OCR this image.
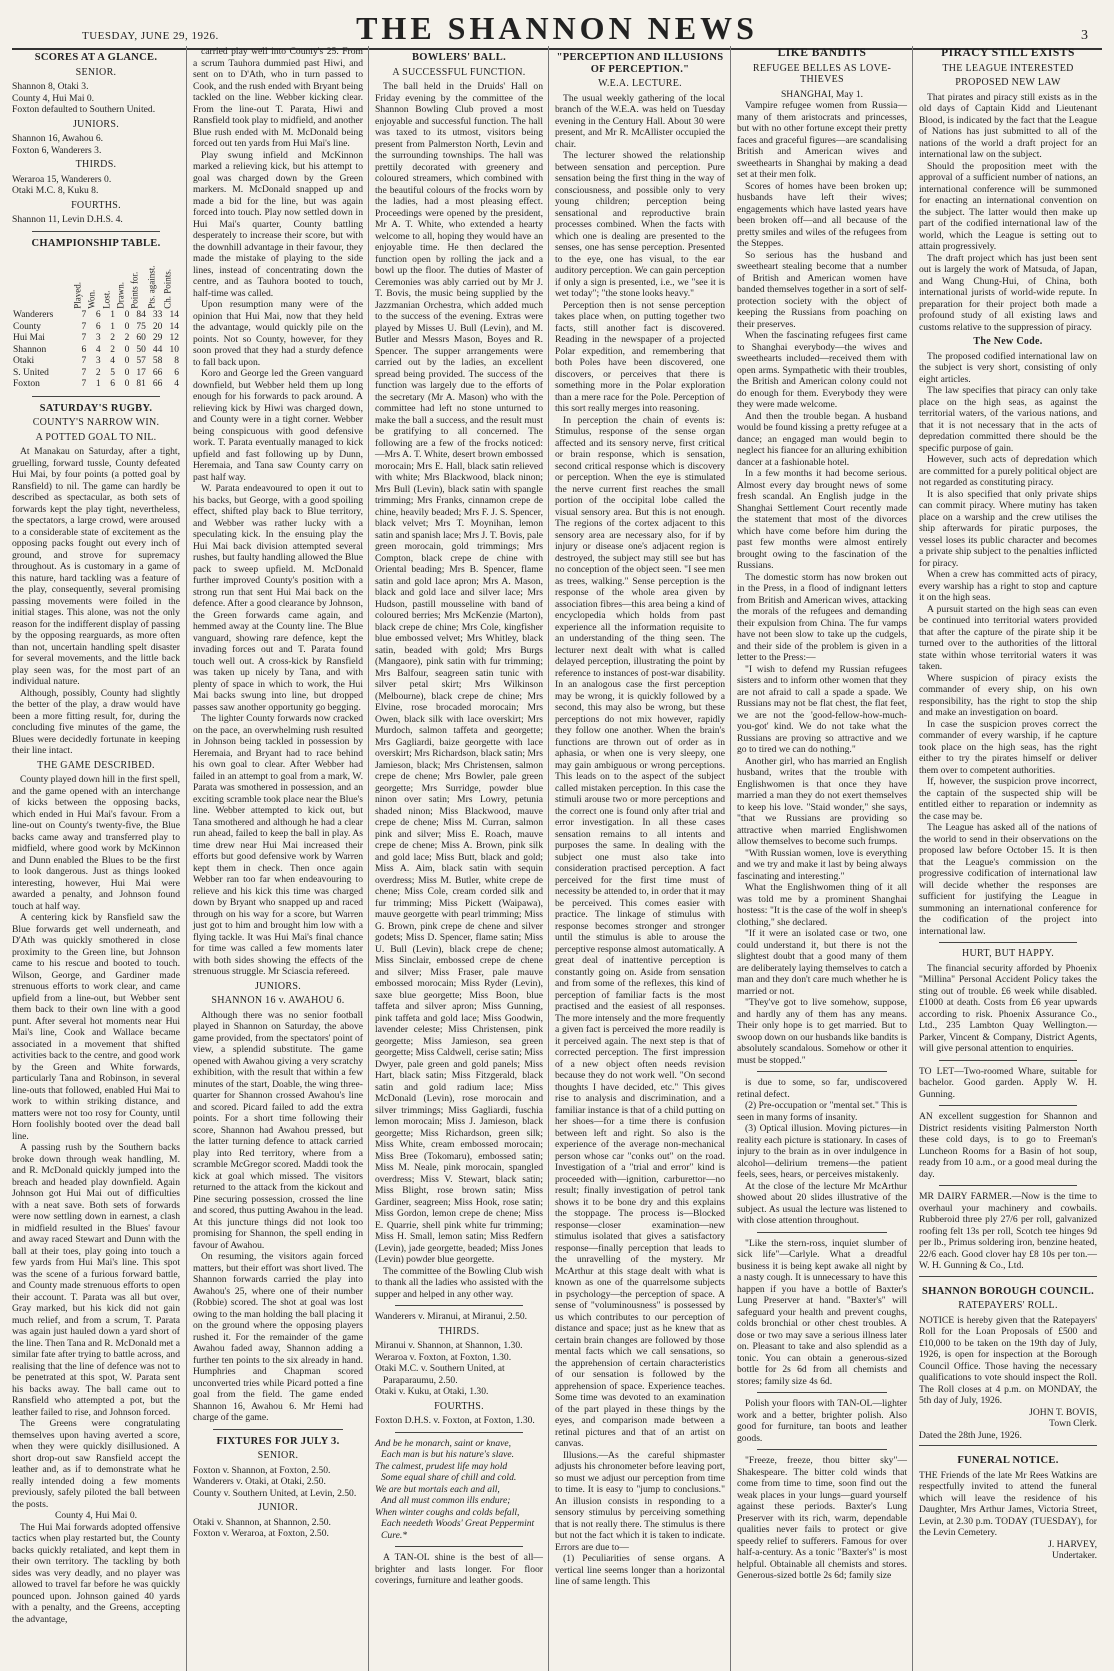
TUESDAY, JUNE 29, 1926.	THE SHANNON NEWS	3
SCORES AT A GLANCE.
SENIOR.
Shannon 8, Otaki 3.
County 4, Hui Mai 0.
Foxton defaulted to Southern United.
JUNIORS.
Shannon 16, Awahou 6.
Foxton 6, Wanderers 3.
THIRDS.
Weraroa 15, Wanderers 0.
Otaki M.C. 8, Kuku 8.
FOURTHS.
Shannon 11, Levin D.H.S. 4.
CHAMPIONSHIP TABLE.
	Played.	Won.	Lost.	Drawn.	Points for.	Pts. against.	Ch. Points.
Wanderers	7	6	1	0	84	33	14
County	7	6	1	0	75	20	14
Hui Mai	7	3	2	2	60	29	12
Shannon	6	4	2	0	50	44	10
Otaki	7	3	4	0	57	58	8
S. United	7	2	5	0	17	66	6
Foxton	7	1	6	0	81	66	4
SATURDAY'S RUGBY.
COUNTY'S NARROW WIN.
A POTTED GOAL TO NIL.

At Manakau on Saturday, after a tight, gruelling, forward tussle, County defeated Hui Mai, by four points (a potted goal by Ransfield) to nil. The game can hardly be described as spectacular, as both sets of forwards kept the play tight, nevertheless, the spectators, a large crowd, were aroused to a considerable state of excitement as the opposing packs fought out every inch of ground, and strove for supremacy throughout. As is customary in a game of this nature, hard tackling was a feature of the play, consequently, several promising passing movements were foiled in the initial stages. This alone, was not the only reason for the indifferent display of passing by the opposing rearguards, as more often than not, uncertain handling spelt disaster for several movements, and the little back play seen was, for the most part of an individual nature.

Although, possibly, County had slightly the better of the play, a draw would have been a more fitting result, for, during the concluding five minutes of the game, the Blues were decidedly fortunate in keeping their line intact.

THE GAME DESCRIBED.

County played down hill in the first spell, and the game opened with an interchange of kicks between the opposing backs, which ended in Hui Mai's favour. From a line-out on County's twenty-five, the Blue backs came away and transferred play to midfield, where good work by McKinnon and Dunn enabled the Blues to be the first to look dangerous. Just as things looked interesting, however, Hui Mai were awarded a penalty, and Johnson found touch at half way.

A centering kick by Ransfield saw the Blue forwards get well underneath, and D'Ath was quickly smothered in close proximity to the Green line, but Johnson came to his rescue and booted to touch. Wilson, George, and Gardiner made strenuous efforts to work clear, and came upfield from a line-out, but Webber sent them back to their own line with a good punt. After several hot moments near Hui Mai's line, Cook and Wallace became associated in a movement that shifted activities back to the centre, and good work by the Green and White forwards, particularly Tana and Robinson, in several line-outs that followed, enabled Hui Mai to work to within striking distance, and matters were not too rosy for County, until Horn foolishly booted over the dead ball line.

A passing rush by the Southern backs broke down through weak handling, M. and R. McDonald quickly jumped into the breach and headed play downfield. Again Johnson got Hui Mai out of difficulties with a neat save. Both sets of forwards were now settling down in earnest, a clash in midfield resulted in the Blues' favour and away raced Stewart and Dunn with the ball at their toes, play going into touch a few yards from Hui Mai's line. This spot was the scene of a furious forward battle, and County made strenuous efforts to open their account. T. Parata was all but over, Gray marked, but his kick did not gain much relief, and from a scrum, T. Parata was again just hauled down a yard short of the line. Then Tana and R. McDonald met a similar fate after trying to battle across, and realising that the line of defence was not to be penetrated at this spot, W. Parata sent his backs away. The ball came out to Ransfield who attempted a pot, but the leather failed to rise, and Johnson forced.

The Greens were congratulating themselves upon having averted a score, when they were quickly disillusioned. A short drop-out saw Ransfield accept the leather and, as if to demonstrate what he really intended doing a few moments previously, safely piloted the ball between the posts.

County 4, Hui Mai 0.

The Hui Mai forwards adopted offensive tactics when play restarted but, the County backs quickly retaliated, and kept them in their own territory. The tackling by both sides was very deadly, and no player was allowed to travel far before he was quickly pounced upon. Johnson gained 40 yards with a penalty, and the Greens, accepting the advantage,

carried play well into County's 25. From a scrum Tauhora dummied past Hiwi, and sent on to D'Ath, who in turn passed to Cook, and the rush ended with Bryant being tackled on the line. Webber kicking clear. From the line-out T. Parata, Hiwi and Ransfield took play to midfield, and another Blue rush ended with M. McDonald being forced out ten yards from Hui Mai's line.

Play swung infield and McKinnon marked a relieving kick, but his attempt to goal was charged down by the Green markers. M. McDonald snapped up and made a bid for the line, but was again forced into touch. Play now settled down in Hui Mai's quarter, County battling desperately to increase their score, but with the downhill advantage in their favour, they made the mistake of playing to the side lines, instead of concentrating down the centre, and as Tauhora booted to touch, half-time was called.

Upon resumption many were of the opinion that Hui Mai, now that they held the advantage, would quickly pile on the points. Not so County, however, for they soon proved that they had a sturdy defence to fall back upon.

Koro and George led the Green vanguard downfield, but Webber held them up long enough for his forwards to pack around. A relieving kick by Hiwi was charged down, and County were in a tight corner. Webber being conspicuous with good defensive work. T. Parata eventually managed to kick upfield and fast following up by Dunn, Heremaia, and Tana saw County carry on past half way.

W. Parata endeavoured to open it out to his backs, but George, with a good spoiling effect, shifted play back to Blue territory, and Webber was rather lucky with a speculating kick. In the ensuing play the Hui Mai back division attempted several rushes, but faulty handling allowed the Blue pack to sweep upfield. M. McDonald further improved County's position with a strong run that sent Hui Mai back on the defence. After a good clearance by Johnson, the Green forwards came again, and hemmed away at the County line. The Blue vanguard, showing rare defence, kept the invading forces out and T. Parata found touch well out. A cross-kick by Ransfield was taken up nicely by Tana, and with plenty of space in which to work, the Hui Mai backs swung into line, but dropped passes saw another opportunity go begging.

The lighter County forwards now cracked on the pace, an overwhelming rush resulted in Johnson being tackled in possession by Heremaia, and Bryant had to race behind his own goal to clear. After Webber had failed in an attempt to goal from a mark, W. Parata was smothered in possession, and an exciting scramble took place near the Blue's line. Webber attempted to kick out, but Tana smothered and although he had a clear run ahead, failed to keep the ball in play. As time drew near Hui Mai increased their efforts but good defensive work by Warren kept them in check. Then once again Webber ran too far when endeavouring to relieve and his kick this time was charged down by Bryant who snapped up and raced through on his way for a score, but Warren just got to him and brought him low with a flying tackle. It was Hui Mai's final chance for time was called a few moments later with both sides showing the effects of the strenuous struggle. Mr Sciascia refereed.

JUNIORS.
SHANNON 16 v. AWAHOU 6.

Although there was no senior football played in Shannon on Saturday, the above game provided, from the spectators' point of view, a splendid substitute. The game opened with Awahou giving a very scratchy exhibition, with the result that within a few minutes of the start, Doable, the wing three-quarter for Shannon crossed Awahou's line and scored. Picard failed to add the extra points. For a short time following their score, Shannon had Awahou pressed, but the latter turning defence to attack carried play into Red territory, where from a scramble McGregor scored. Maddi took the kick at goal which missed. The visitors returned to the attack from the kickout and Pine securing possession, crossed the line and scored, thus putting Awahou in the lead. At this juncture things did not look too promising for Shannon, the spell ending in favour of Awahou.

On resuming, the visitors again forced matters, but their effort was short lived. The Shannon forwards carried the play into Awahou's 25, where one of their number (Robbie) scored. The shot at goal was lost owing to the man holding the ball placing it on the ground where the opposing players rushed it. For the remainder of the game Awahou faded away, Shannon adding a further ten points to the six already in hand. Humphries and Chapman scored unconverted tries while Picard potted a fine goal from the field. The game ended Shannon 16, Awahou 6. Mr Hemi had charge of the game.

FIXTURES FOR JULY 3.
SENIOR.
Foxton v. Shannon, at Foxton, 2.50.
Wanderers v. Otaki, at Otaki, 2.50.
County v. Southern United, at Levin, 2.50.
JUNIOR.
Otaki v. Shannon, at Shannon, 2.50.
Foxton v. Weraroa, at Foxton, 2.50.
BOWLERS' BALL.
A SUCCESSFUL FUNCTION.

The ball held in the Druids' Hall on Friday evening by the committee of the Shannon Bowling Club proved a most enjoyable and successful function. The hall was taxed to its utmost, visitors being present from Palmerston North, Levin and the surrounding townships. The hall was prettily decorated with greenery and coloured streamers, which combined with the beautiful colours of the frocks worn by the ladies, had a most pleasing effect. Proceedings were opened by the president, Mr A. T. White, who extended a hearty welcome to all, hoping they would have an enjoyable time. He then declared the function open by rolling the jack and a bowl up the floor. The duties of Master of Ceremonies was ably carried out by Mr J. T. Bovis, the music being supplied by the Jazzmanian Orchestra, which added much to the success of the evening. Extras were played by Misses U. Bull (Levin), and M. Butler and Messrs Mason, Boyes and R. Spencer. The supper arrangements were carried out by the ladies, an excellent spread being provided. The success of the function was largely due to the efforts of the secretary (Mr A. Mason) who with the committee had left no stone unturned to make the ball a success, and the result must be gratifying to all concerned. The following are a few of the frocks noticed:—Mrs A. T. White, desert brown embossed morocain; Mrs E. Hall, black satin relieved with white; Mrs Blackwood, black ninon; Mrs Bull (Levin), black satin with spangle trimming; Mrs Franks, cinnamon crepe de chine, heavily beaded; Mrs F. J. S. Spencer, black velvet; Mrs T. Moynihan, lemon satin and spanish lace; Mrs J. T. Bovis, pale green morocain, gold trimmings; Mrs Compton, black crepe de chine with Oriental beading; Mrs B. Spencer, flame satin and gold lace apron; Mrs A. Mason, black and gold lace and silver lace; Mrs Hudson, pastill mousseline with band of coloured berries; Mrs McKenzie (Marton), black crepe de chine; Mrs Cole, kingfisher blue embossed velvet; Mrs Whitley, black satin, beaded with gold; Mrs Burgs (Mangaore), pink satin with fur trimming; Mrs Balfour, seagreen satin tunic with silver petal skirt; Mrs Wilkinson (Melbourne), black crepe de chine; Mrs Elvine, rose brocaded morocain; Mrs Owen, black silk with lace overskirt; Mrs Murdoch, salmon taffeta and georgette; Mrs Gagliardi, baize georgette with lace overskirt; Mrs Richardson, black satin; Mrs Jamieson, black; Mrs Christensen, salmon crepe de chene; Mrs Bowler, pale green georgette; Mrs Surridge, powder blue ninon over satin; Mrs Lowry, petunia shaded ninon; Miss Blackwood, mauve crepe de chene; Miss M. Curran, salmon pink and silver; Miss E. Roach, mauve crepe de chene; Miss A. Brown, pink silk and gold lace; Miss Butt, black and gold; Miss A. Aim, black satin with sequin overdress; Miss M. Butler, white crepe de chene; Miss Cole, cream corded silk and fur trimming; Miss Pickett (Waipawa), mauve georgette with pearl trimming; Miss G. Brown, pink crepe de chene and silver godets; Miss D. Spencer, flame satin; Miss U. Bull (Levin), black crepe de chene; Miss Sinclair, embossed crepe de chene and silver; Miss Fraser, pale mauve embossed morocain; Miss Ryder (Levin), saxe blue georgette; Miss Boon, blue taffeta and silver apron; Miss Gunning, pink taffeta and gold lace; Miss Goodwin, lavender celeste; Miss Christensen, pink georgette; Miss Jamieson, sea green georgette; Miss Caldwell, cerise satin; Miss Dwyer, pale green and gold panels; Miss Hart, black satin; Miss Fitzgerald, black satin and gold radium lace; Miss McDonald (Levin), rose morocain and silver trimmings; Miss Gagliardi, fuschia lemon morocain; Miss J. Jamieson, black georgette; Miss Richardson, green silk; Miss White, cream embossed morocain; Miss Bree (Tokomaru), embossed satin; Miss M. Neale, pink morocain, spangled overdress; Miss V. Stewart, black satin; Miss Blight, rose brown satin; Miss Gardiner, seagreen; Miss Hook, rose satin; Miss Gordon, lemon crepe de chene; Miss E. Quarrie, shell pink white fur trimming; Miss H. Small, lemon satin; Miss Redfern (Levin), jade georgette, beaded; Miss Jones (Levin) powder blue georgette.

The committee of the Bowling Club wish to thank all the ladies who assisted with the supper and helped in any other way.

Wanderers v. Miranui, at Miranui, 2.50.
THIRDS.
Miranui v. Shannon, at Shannon, 1.30.
Weraroa v. Foxton, at Foxton, 1.30.
Otaki M.C. v. Southern United, at Paraparaumu, 2.50.
Otaki v. Kuku, at Otaki, 1.30.
FOURTHS.
Foxton D.H.S. v. Foxton, at Foxton, 1.30.
And be he monarch, saint or knave,
Each man is but his nature's slave.
The calmest, prudest life may hold
Some equal share of chill and cold.
We are but mortals each and all,
And all must common ills endure;
When winter coughs and colds befall,
Each needeth Woods' Great Peppermint Cure.*

A TAN-OL shine is the best of all—brighter and lasts longer. For floor coverings, furniture and leather goods.

"PERCEPTION AND ILLUSIONS OF PERCEPTION."
W.E.A. LECTURE.

The usual weekly gathering of the local branch of the W.E.A. was held on Tuesday evening in the Century Hall. About 30 were present, and Mr R. McAllister occupied the chair.

The lecturer showed the relationship between sensation and perception. Pure sensation being the first thing in the way of consciousness, and possible only to very young children; perception being sensational and reproductive brain processes combined. When the facts with which one is dealing are presented to the senses, one has sense perception. Presented to the eye, one has visual, to the ear auditory perception. We can gain perception if only a sign is presented, i.e., we "see it is wet today"; "the stone looks heavy."

Perception then is not sense perception takes place when, on putting together two facts, still another fact is discovered. Reading in the newspaper of a projected Polar expedition, and remembering that both Poles have been discovered, one discovers, or perceives that there is something more in the Polar exploration than a mere race for the Pole. Perception of this sort really merges into reasoning.

In perception the chain of events is: Stimulus, response of the sense organ affected and its sensory nerve, first critical or brain response, which is sensation, second critical response which is discovery or perception. When the eye is stimulated the nerve current first reaches the small portion of the occipital lobe called the visual sensory area. But this is not enough. The regions of the cortex adjacent to this sensory area are necessary also, for if by injury or disease one's adjacent region is destroyed, the subject may still see but has no conception of the object seen. "I see men as trees, walking." Sense perception is the response of the whole area given by association fibres—this area being a kind of encyclopedia which holds from past experience all the information requisite to an understanding of the thing seen. The lecturer next dealt with what is called delayed perception, illustrating the point by reference to instances of post-war disability. In an analogous case the first perception may be wrong, it is quickly followed by a second, this may also be wrong, but these perceptions do not mix however, rapidly they follow one another. When the brain's functions are thrown out of order as in aphasia, or when one is very sleepy, one may gain ambiguous or wrong perceptions. This leads on to the aspect of the subject called mistaken perception. In this case the stimuli arouse two or more perceptions and the correct one is found only after trial and error investigation. In all these cases sensation remains to all intents and purposes the same. In dealing with the subject one must also take into consideration practised perception. A fact perceived for the first time must of necessity be attended to, in order that it may be perceived. This comes easier with practice. The linkage of stimulus with response becomes stronger and stronger until the stimulus is able to arouse the perceptive response almost automatically. A great deal of inattentive perception is constantly going on. Aside from sensation and from some of the reflexes, this kind of perception of familiar facts is the most practised and the easiest of all responses. The more intensely and the more frequently a given fact is perceived the more readily is it perceived again. The next step is that of corrected perception. The first impression of a new object often needs revision because they do not work well. "On second thoughts I have decided, etc." This gives rise to analysis and discrimination, and a familiar instance is that of a child putting on her shoes—for a time there is confusion between left and right. So also is the experience of the average non-mechanical person whose car "conks out" on the road. Investigation of a "trial and error" kind is proceeded with—ignition, carburettor—no result; finally investigation of petrol tank shows it to be bone dry and this explains the stoppage. The process is—Blocked response—closer examination—new stimulus isolated that gives a satisfactory response—finally perception that leads to the unravelling of the mystery. Mr McArthur at this stage dealt with what is known as one of the quarrelsome subjects in psychology—the perception of space. A sense of "voluminousness" is possessed by us which contributes to our perception of distance and space; just as he knew that as certain brain changes are followed by those mental facts which we call sensations, so the apprehension of certain characteristics of our sensation is followed by the apprehension of space. Experience teaches. Some time was devoted to an examination of the part played in these things by the eyes, and comparison made between a retinal pictures and that of an artist on canvas.

Illusions.—As the careful shipmaster adjusts his chronometer before leaving port, so must we adjust our perception from time to time. It is easy to "jump to conclusions." An illusion consists in responding to a sensory stimulus by perceiving something that is not really there. The stimulus is there but not the fact which it is taken to indicate. Errors are due to—

(1) Peculiarities of sense organs. A vertical line seems longer than a horizontal line of same length. This

LIKE BANDITS
REFUGEE BELLES AS LOVE-THIEVES

SHANGHAI, May 1.

Vampire refugee women from Russia—many of them aristocrats and princesses, but with no other fortune except their pretty faces and graceful figures—are scandalising British and American wives and sweethearts in Shanghai by making a dead set at their men folk.

Scores of homes have been broken up; husbands have left their wives; engagements which have lasted years have been broken off—and all because of the pretty smiles and wiles of the refugees from the Steppes.

So serious has the husband and sweetheart stealing become that a number of British and American women have banded themselves together in a sort of self-protection society with the object of keeping the Russians from poaching on their preserves.

When the fascinating refugees first came to Shanghai everybody—the wives and sweethearts included—received them with open arms. Sympathetic with their troubles, the British and American colony could not do enough for them. Everybody they were they were made welcome.

And then the trouble began. A husband would be found kissing a pretty refugee at a dance; an engaged man would begin to neglect his fiancee for an alluring exhibition dancer at a fashionable hotel.

In a few months it had become serious. Almost every day brought news of some fresh scandal. An English judge in the Shanghai Settlement Court recently made the statement that most of the divorces which have come before him during the past few months were almost entirely brought owing to the fascination of the Russians.

The domestic storm has now broken out in the Press, in a flood of indignant letters from British and American wives, attacking the morals of the refugees and demanding their expulsion from China. The fur vamps have not been slow to take up the cudgels, and their side of the problem is given in a letter to the Press:—

"I wish to defend my Russian refugees sisters and to inform other women that they are not afraid to call a spade a spade. We Russians may not be flat chest, the flat feet, we are not the 'good-fellow-how-much-you-got' kind. We do not take what the Russians are proving so attractive and we go to tired we can do nothing."

Another girl, who has married an English husband, writes that the trouble with Englishwomen is that once they have married a man they do not exert themselves to keep his love. "Staid wonder," she says, "that we Russians are providing so attractive when married Englishwomen allow themselves to become such frumps.

"With Russian women, love is everything and we try and make it last by being always fascinating and interesting."

What the Englishwomen thing of it all was told me by a prominent Shanghai hostess: "It is the case of the wolf in sheep's clothing," she declared.

"If it were an isolated case or two, one could understand it, but there is not the slightest doubt that a good many of them are deliberately laying themselves to catch a man and they don't care much whether he is married or not.

"They've got to live somehow, suppose, and hardly any of them has any means. Their only hope is to get married. But to swoop down on our husbands like bandits is absolutely scandalous. Somehow or other it must be stopped."

is due to some, so far, undiscovered retinal defect.

(2) Pre-occupation or "mental set." This is seen in many forms of insanity.

(3) Optical illusion. Moving pictures—in reality each picture is stationary. In cases of injury to the brain as in over indulgence in alcohol—delirium tremens—the patient feels, sees, hears, or perceives mistakenly.

At the close of the lecture Mr McArthur showed about 20 slides illustrative of the subject. As usual the lecture was listened to with close attention throughout.

"Like the stern-ross, inquiet slumber of sick life"—Carlyle. What a dreadful business it is being kept awake all night by a nasty cough. It is unnecessary to have this happen if you have a bottle of Baxter's Lung Preserver at hand. "Baxter's" will safeguard your health and prevent coughs, colds bronchial or other chest troubles. A dose or two may save a serious illness later on. Pleasant to take and also splendid as a tonic. You can obtain a generous-sized bottle for 2s 6d from all chemists and stores; family size 4s 6d.

Polish your floors with TAN-OL—lighter work and a better, brighter polish. Also good for furniture, tan boots and leather goods.

"Freeze, freeze, thou bitter sky"—Shakespeare. The bitter cold winds that come from time to time, soon find out the weak places in your lungs—guard yourself against these periods. Baxter's Lung Preserver with its rich, warm, dependable qualities never fails to protect or give speedy relief to sufferers. Famous for over half-a-century. As a tonic "Baxter's" is most helpful. Obtainable all chemists and stores. Generous-sized bottle 2s 6d; family size

PIRACY STILL EXISTS
THE LEAGUE INTERESTED
PROPOSED NEW LAW

That pirates and piracy still exists as in the old days of Captain Kidd and Lieutenant Blood, is indicated by the fact that the League of Nations has just submitted to all of the nations of the world a draft project for an international law on the subject.

Should the proposition meet with the approval of a sufficient number of nations, an international conference will be summoned for enacting an international convention on the subject. The latter would then make up part of the codified international law of the world, which the League is setting out to attain progressively.

The draft project which has just been sent out is largely the work of Matsuda, of Japan, and Wang Chung-Hui, of China, both international jurists of world-wide repute. In preparation for their project both made a profound study of all existing laws and customs relative to the suppression of piracy.

The New Code.

The proposed codified international law on the subject is very short, consisting of only eight articles.

The law specifies that piracy can only take place on the high seas, as against the territorial waters, of the various nations, and that it is not necessary that in the acts of depredation committed there should be the specific purpose of gain.

However, such acts of depredation which are committed for a purely political object are not regarded as constituting piracy.

It is also specified that only private ships can commit piracy. Where mutiny has taken place on a warship and the crew utilises the ship afterwards for piratic purposes, the vessel loses its public character and becomes a private ship subject to the penalties inflicted for piracy.

When a crew has committed acts of piracy, every warship has a right to stop and capture it on the high seas.

A pursuit started on the high seas can even be continued into territorial waters provided that after the capture of the pirate ship it be turned over to the authorities of the littoral state within whose territorial waters it was taken.

Where suspicion of piracy exists the commander of every ship, on his own responsibility, has the right to stop the ship and make an investigation on board.

In case the suspicion proves correct the commander of every warship, if he capture took place on the high seas, has the right either to try the pirates himself or deliver them over to competent authorities.

If, however, the suspicion prove incorrect, the captain of the suspected ship will be entitled either to reparation or indemnity as the case may be.

The League has asked all of the nations of the world to send in their observations on the proposed law before October 15. It is then that the League's commission on the progressive codification of international law will decide whether the responses are sufficient for justifying the League in summoning an international conference for the codification of the project into international law.

HURT, BUT HAPPY.

The financial security afforded by Phoenix "Millina" Personal Accident Policy takes the sting out of trouble. £6 week while disabled. £1000 at death. Costs from £6 year upwards according to risk. Phoenix Assurance Co., Ltd., 235 Lambton Quay Wellington.—Parker, Vincent & Company, District Agents, will give personal attention to enquiries.

TO LET—Two-roomed Whare, suitable for bachelor. Good garden. Apply W. H. Gunning.

AN excellent suggestion for Shannon and District residents visiting Palmerston North these cold days, is to go to Freeman's Luncheon Rooms for a Basin of hot soup, ready from 10 a.m., or a good meal during the day.

MR DAIRY FARMER.—Now is the time to overhaul your machinery and cowbails. Rubberoid three ply 27/6 per roll, galvanized roofing felt 13s per roll, Scotch tee hinges 9d per lb., Primus soldering iron, benzine heated, 22/6 each. Good clover hay £8 10s per ton.—W. H. Gunning & Co., Ltd.

SHANNON BOROUGH COUNCIL.
RATEPAYERS' ROLL.

NOTICE is hereby given that the Ratepayers' Roll for the Loan Proposals of £500 and £10,000 to be taken on the 19th day of July, 1926, is open for inspection at the Borough Council Office. Those having the necessary qualifications to vote should inspect the Roll. The Roll closes at 4 p.m. on MONDAY, the 5th day of July, 1926.

JOHN T. BOVIS,

Town Clerk.

Dated the 28th June, 1926.

FUNERAL NOTICE.

THE Friends of the late Mr Rees Watkins are respectfully invited to attend the funeral which will leave the residence of his Daughter, Mrs Arthur James, Victoria Street, Levin, at 2.30 p.m. TODAY (TUESDAY), for the Levin Cemetery.

J. HARVEY,

Undertaker.
